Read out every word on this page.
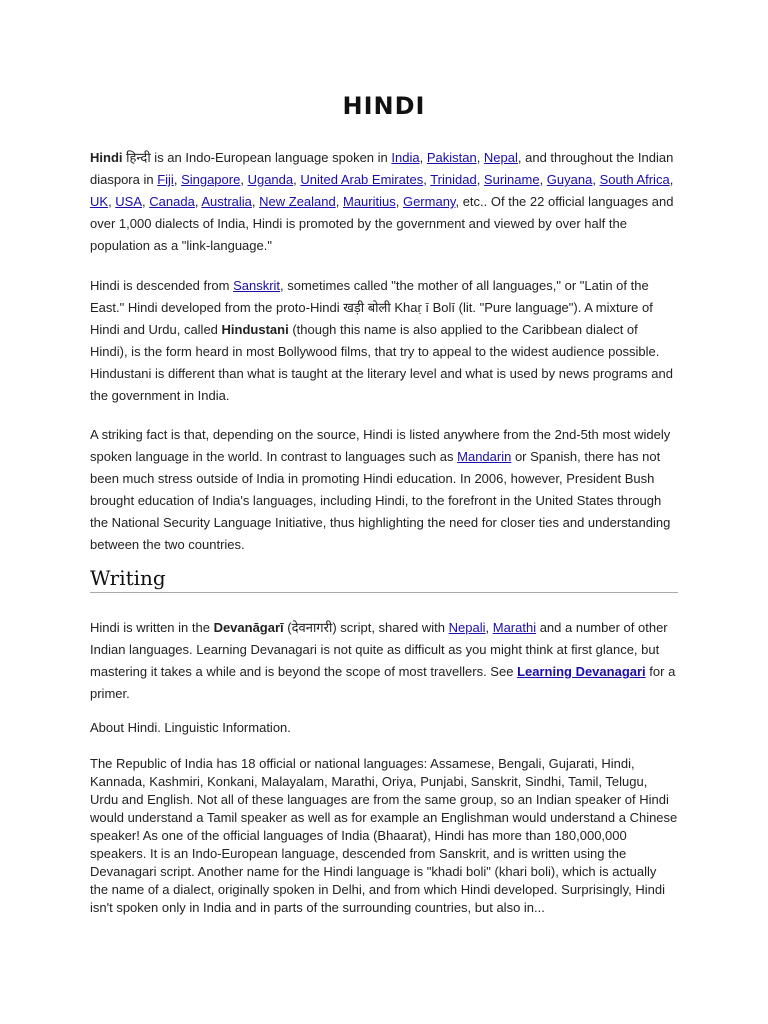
HINDI

Hindi हिन्दी is an Indo-European language spoken in India, Pakistan, Nepal, and throughout the Indian diaspora in Fiji, Singapore, Uganda, United Arab Emirates, Trinidad, Suriname, Guyana, South Africa, UK, USA, Canada, Australia, New Zealand, Mauritius, Germany, etc.. Of the 22 official languages and over 1,000 dialects of India, Hindi is promoted by the government and viewed by over half the population as a "link-language."

Hindi is descended from Sanskrit, sometimes called "the mother of all languages," or "Latin of the East." Hindi developed from the proto-Hindi खड़ी बोली Khaṛ ī Bolī (lit. "Pure language"). A mixture of Hindi and Urdu, called Hindustani (though this name is also applied to the Caribbean dialect of Hindi), is the form heard in most Bollywood films, that try to appeal to the widest audience possible. Hindustani is different than what is taught at the literary level and what is used by news programs and the government in India.

A striking fact is that, depending on the source, Hindi is listed anywhere from the 2nd-5th most widely spoken language in the world. In contrast to languages such as Mandarin or Spanish, there has not been much stress outside of India in promoting Hindi education. In 2006, however, President Bush brought education of India's languages, including Hindi, to the forefront in the United States through the National Security Language Initiative, thus highlighting the need for closer ties and understanding between the two countries.

Writing

Hindi is written in the Devanāgarī (देवनागरी) script, shared with Nepali, Marathi and a number of other Indian languages. Learning Devanagari is not quite as difficult as you might think at first glance, but mastering it takes a while and is beyond the scope of most travellers. See Learning Devanagari for a primer.

About Hindi. Linguistic Information.

The Republic of India has 18 official or national languages: Assamese, Bengali, Gujarati, Hindi, Kannada, Kashmiri, Konkani, Malayalam, Marathi, Oriya, Punjabi, Sanskrit, Sindhi, Tamil, Telugu, Urdu and English. Not all of these languages are from the same group, so an Indian speaker of Hindi would understand a Tamil speaker as well as for example an Englishman would understand a Chinese speaker! As one of the official languages of India (Bhaarat), Hindi has more than 180,000,000 speakers. It is an Indo-European language, descended from Sanskrit, and is written using the Devanagari script. Another name for the Hindi language is "khadi boli" (khari boli), which is actually the name of a dialect, originally spoken in Delhi, and from which Hindi developed. Surprisingly, Hindi isn't spoken only in India and in parts of the surrounding countries, but also in...
